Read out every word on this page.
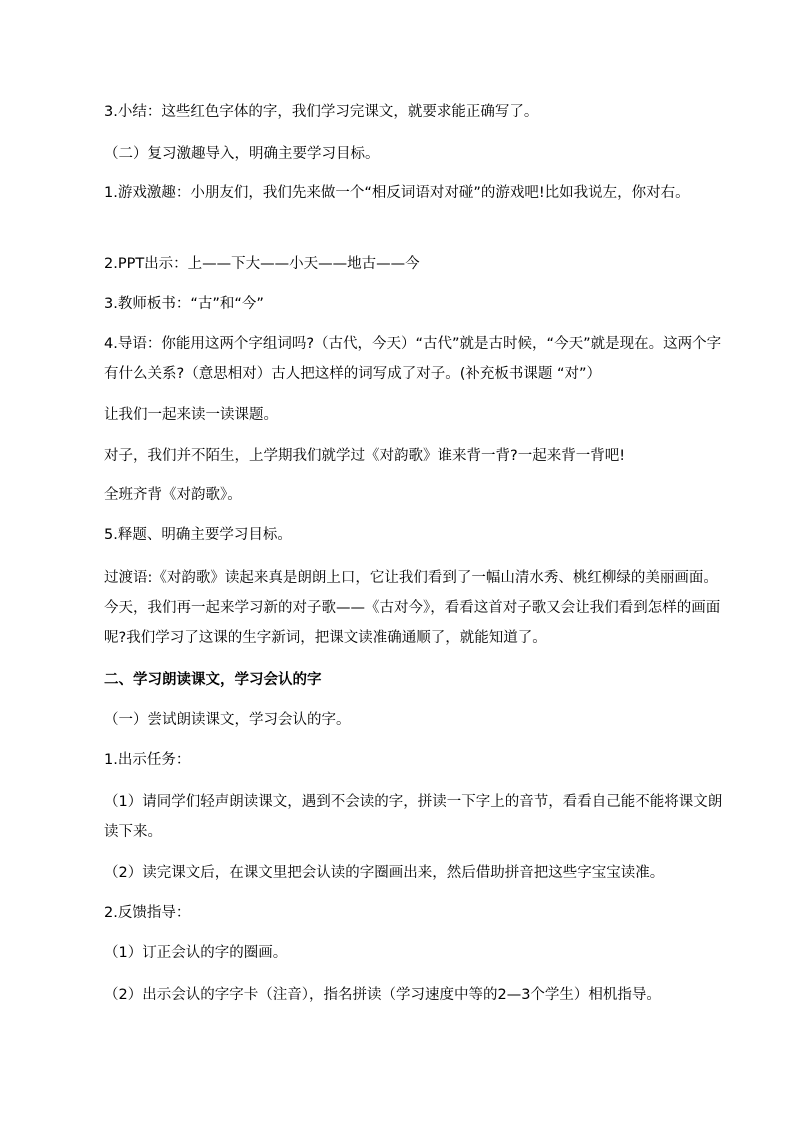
3.小结：这些红色字体的字，我们学习完课文，就要求能正确写了。

（二）复习激趣导入，明确主要学习目标。

1.游戏激趣：小朋友们，我们先来做一个“相反词语对对碰”的游戏吧!比如我说左，你对右。

2.PPT出示：上——下大——小天——地古——今

3.教师板书：“古”和“今”

4.导语：你能用这两个字组词吗?（古代，今天）“古代”就是古时候，“今天”就是现在。这两个字有什么关系?（意思相对）古人把这样的词写成了对子。(补充板书课题 “对”）

让我们一起来读一读课题。

对子，我们并不陌生，上学期我们就学过《对韵歌》谁来背一背?一起来背一背吧!

全班齐背《对韵歌》。

5.释题、明确主要学习目标。

过渡语:《对韵歌》读起来真是朗朗上口，它让我们看到了一幅山清水秀、桃红柳绿的美丽画面。今天，我们再一起来学习新的对子歌——《古对今》，看看这首对子歌又会让我们看到怎样的画面呢?我们学习了这课的生字新词，把课文读准确通顺了，就能知道了。

二、学习朗读课文，学习会认的字

（一）尝试朗读课文，学习会认的字。

1.出示任务：

（1）请同学们轻声朗读课文，遇到不会读的字，拼读一下字上的音节，看看自己能不能将课文朗读下来。

（2）读完课文后，在课文里把会认读的字圈画出来，然后借助拼音把这些字宝宝读准。

2.反馈指导：

（1）订正会认的字的圈画。

（2）出示会认的字字卡（注音），指名拼读（学习速度中等的2—3个学生）相机指导。
